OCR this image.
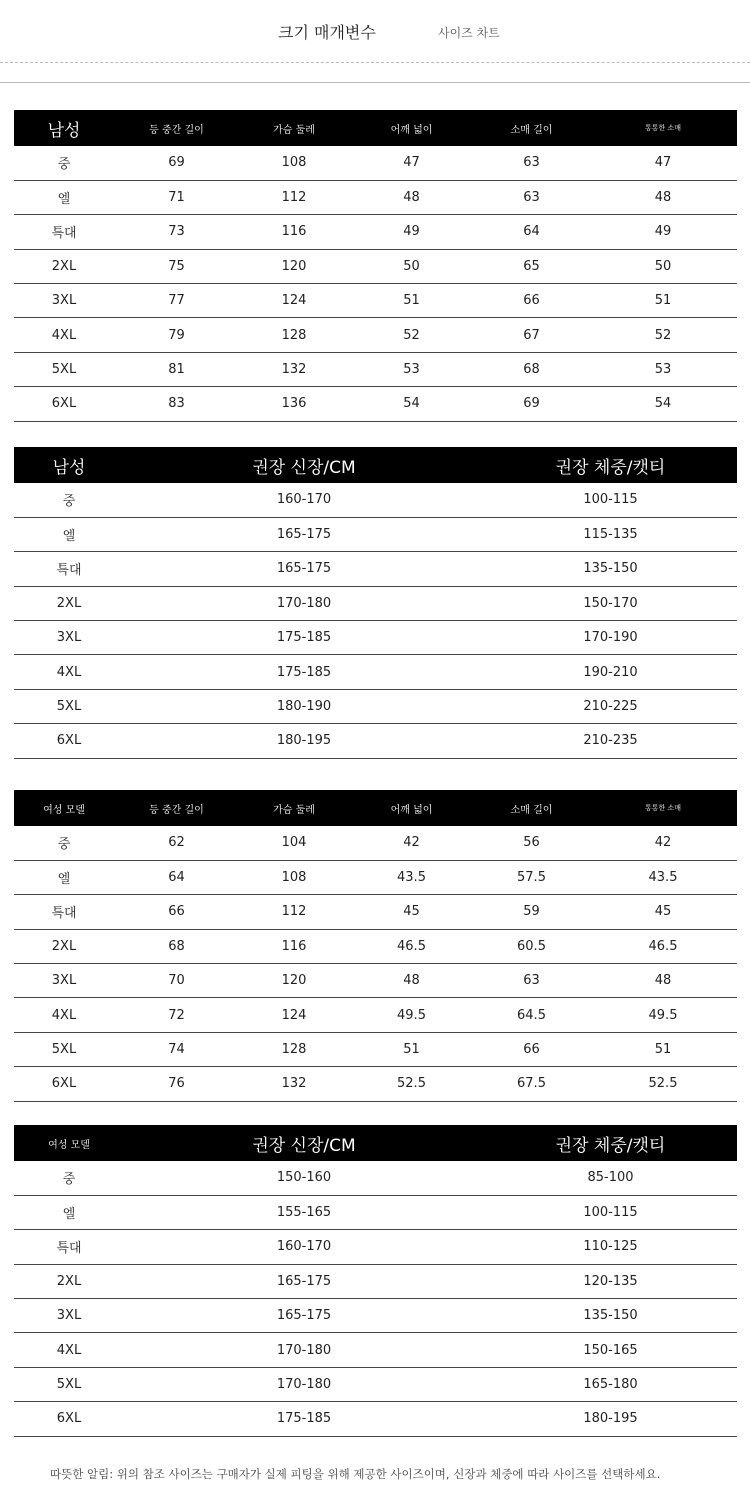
크기 매개변수	사이즈 차트
남성	등 중간 길이	가슴 둘레	어깨 넓이	소매 길이	통통한 소매
중	69	108	47	63	47
엘	71	112	48	63	48
특대	73	116	49	64	49
2XL	75	120	50	65	50
3XL	77	124	51	66	51
4XL	79	128	52	67	52
5XL	81	132	53	68	53
6XL	83	136	54	69	54
남성	권장 신장/CM	권장 체중/캣티
중	160-170	100-115
엘	165-175	115-135
특대	165-175	135-150
2XL	170-180	150-170
3XL	175-185	170-190
4XL	175-185	190-210
5XL	180-190	210-225
6XL	180-195	210-235
여성 모델	등 중간 길이	가슴 둘레	어깨 넓이	소매 길이	통통한 소매
중	62	104	42	56	42
엘	64	108	43.5	57.5	43.5
특대	66	112	45	59	45
2XL	68	116	46.5	60.5	46.5
3XL	70	120	48	63	48
4XL	72	124	49.5	64.5	49.5
5XL	74	128	51	66	51
6XL	76	132	52.5	67.5	52.5
여성 모델	권장 신장/CM	권장 체중/캣티
중	150-160	85-100
엘	155-165	100-115
특대	160-170	110-125
2XL	165-175	120-135
3XL	165-175	135-150
4XL	170-180	150-165
5XL	170-180	165-180
6XL	175-185	180-195
따뜻한 알림: 위의 참조 사이즈는 구매자가 실제 피팅을 위해 제공한 사이즈이며, 신장과 체중에 따라 사이즈를 선택하세요.
